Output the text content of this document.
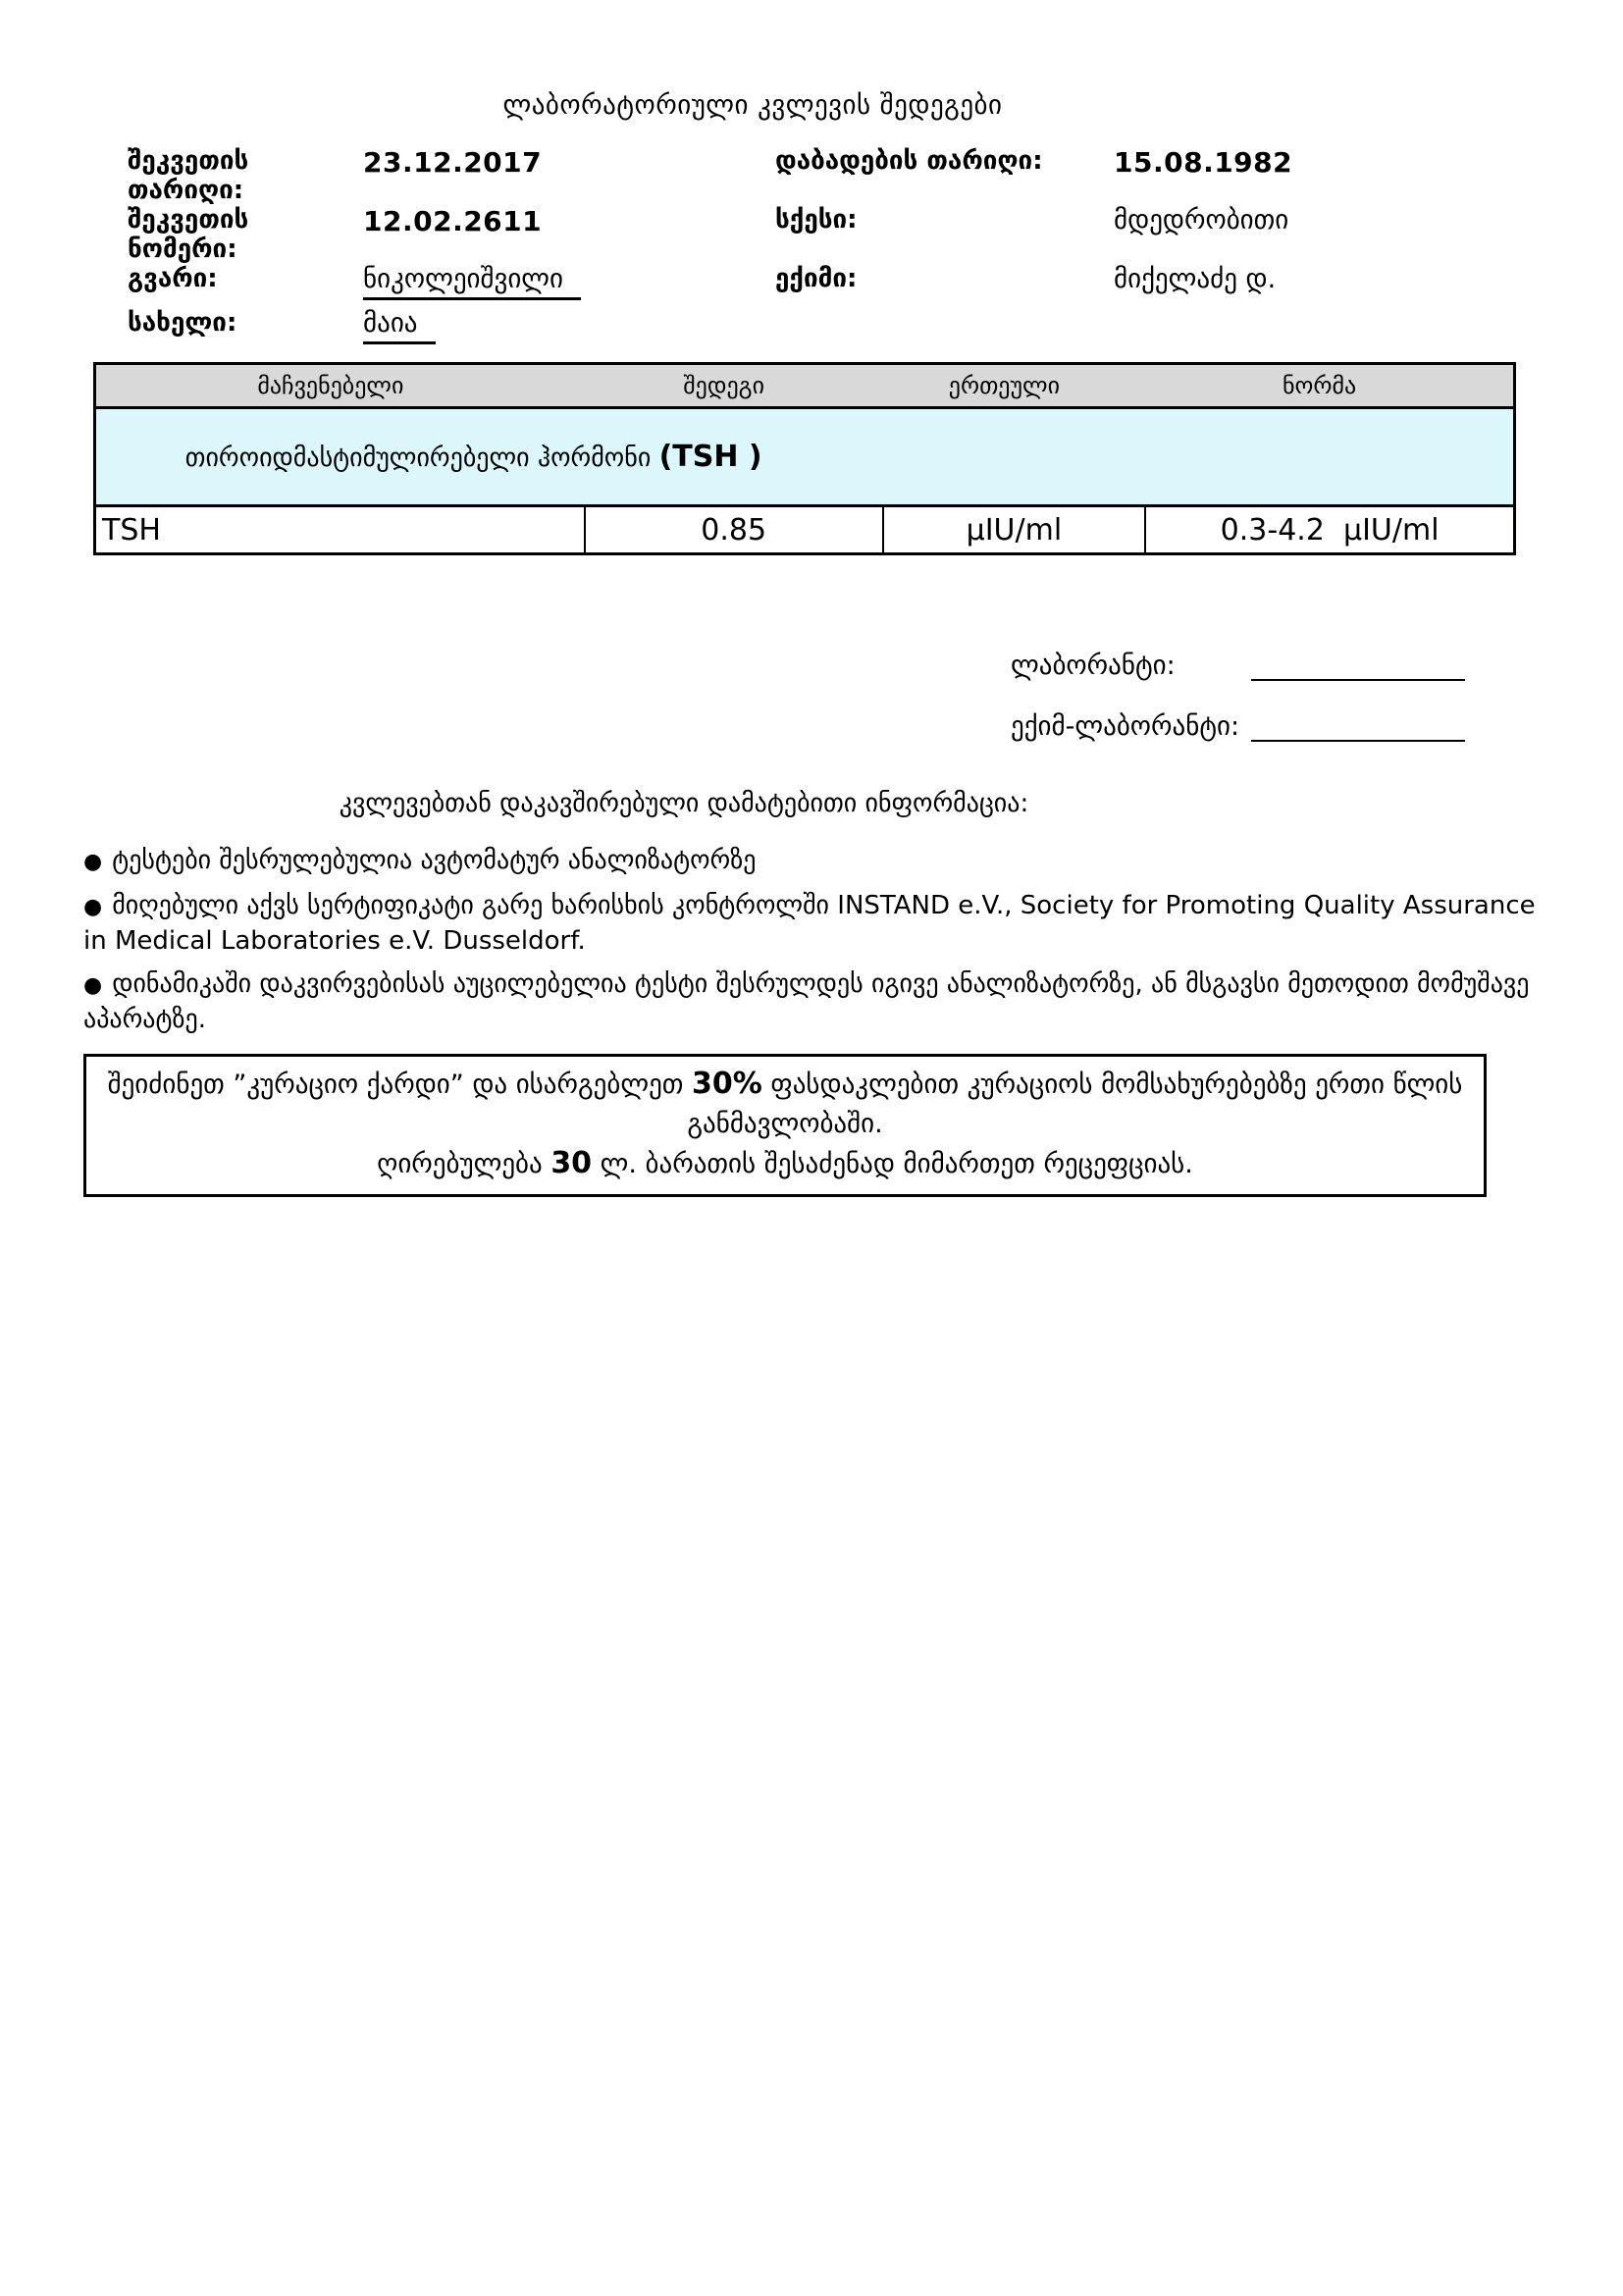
ლაბორატორიული კვლევის შედეგები
შეკვეთის თარიღი:
23.12.2017	დაბადების თარიღი:	15.08.1982
შეკვეთის ნომერი:
12.02.2611	სქესი:	მდედრობითი
გვარი:	ნიკოლეიშვილი	ექიმი:	მიქელაძე დ.
სახელი:	მაია
მაჩვენებელი	შედეგი	ერთეული	ნორმა

თიროიდმასტიმულირებელი ჰორმონი (TSH )			

TSH	0.85	µIU/ml	0.3-4.2  µIU/ml
ლაბორანტი:
ექიმ-ლაბორანტი:
კვლევებთან დაკავშირებული დამატებითი ინფორმაცია:
● ტესტები შესრულებულია ავტომატურ ანალიზატორზე
● მიღებული აქვს სერტიფიკატი გარე ხარისხის კონტროლში INSTAND e.V., Society for Promoting Quality Assurance in Medical Laboratories e.V. Dusseldorf.
● დინამიკაში დაკვირვებისას აუცილებელია ტესტი შესრულდეს იგივე ანალიზატორზე, ან მსგავსი მეთოდით მომუშავე აპარატზე.
შეიძინეთ ”კურაციო ქარდი” და ისარგებლეთ 30% ფასდაკლებით კურაციოს მომსახურებებზე ერთი წლის განმავლობაში.
ღირებულება 30 ლ. ბარათის შესაძენად მიმართეთ რეცეფციას.
